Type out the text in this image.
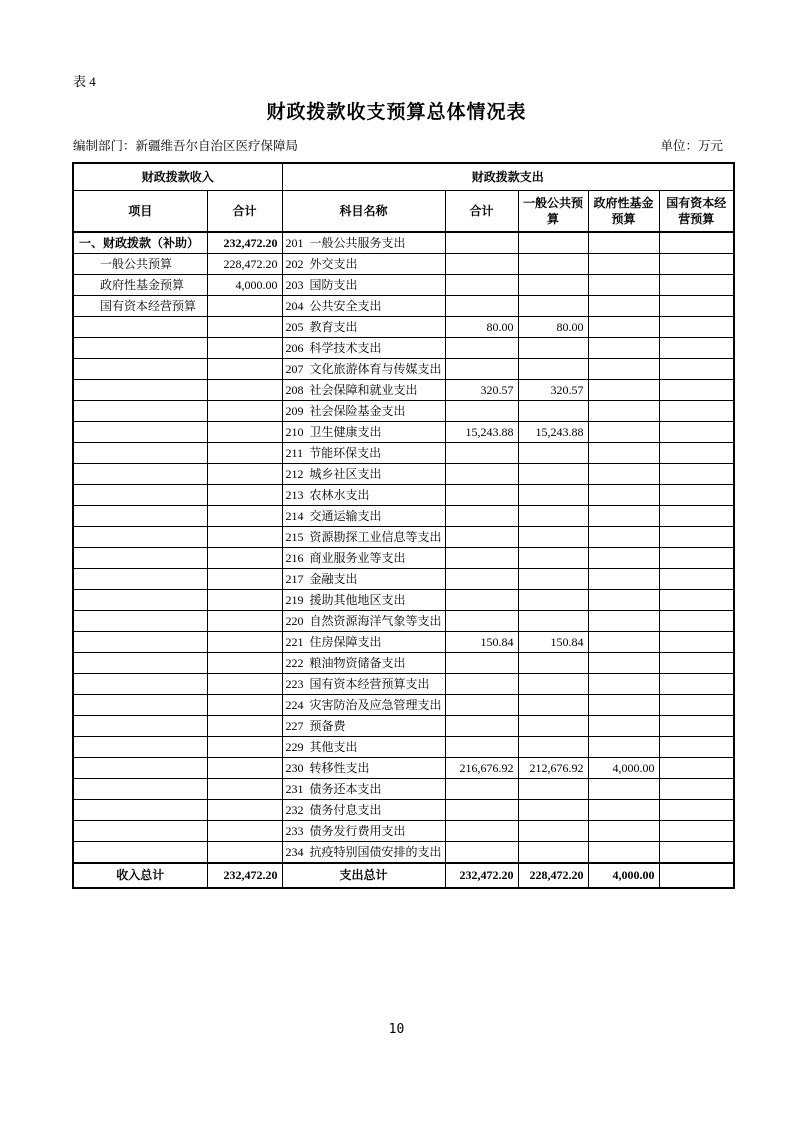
表 4
财政拨款收支预算总体情况表
编制部门：新疆维吾尔自治区医疗保障局	单位：万元
财政拨款收入		财政拨款支出				
项目	合计	科目名称	合计	一般公共预算	政府性基金预算	国有资本经营预算
一、财政拨款（补助）	232,472.20	201 一般公共服务支出				
一般公共预算	228,472.20	202 外交支出				
政府性基金预算	4,000.00	203 国防支出				
国有资本经营预算		204 公共安全支出				
		205 教育支出	80.00	80.00		
		206 科学技术支出				
		207 文化旅游体育与传媒支出				
		208 社会保障和就业支出	320.57	320.57		
		209 社会保险基金支出				
		210 卫生健康支出	15,243.88	15,243.88		
		211 节能环保支出				
		212 城乡社区支出				
		213 农林水支出				
		214 交通运输支出				
		215 资源勘探工业信息等支出				
		216 商业服务业等支出				
		217 金融支出				
		219 援助其他地区支出				
		220 自然资源海洋气象等支出				
		221 住房保障支出	150.84	150.84		
		222 粮油物资储备支出				
		223 国有资本经营预算支出				
		224 灾害防治及应急管理支出				
		227 预备费				
		229 其他支出				
		230 转移性支出	216,676.92	212,676.92	4,000.00	
		231 债务还本支出				
		232 债务付息支出				
		233 债务发行费用支出				
		234 抗疫特别国债安排的支出				
收入总计	232,472.20	支出总计	232,472.20	228,472.20	4,000.00	
10
